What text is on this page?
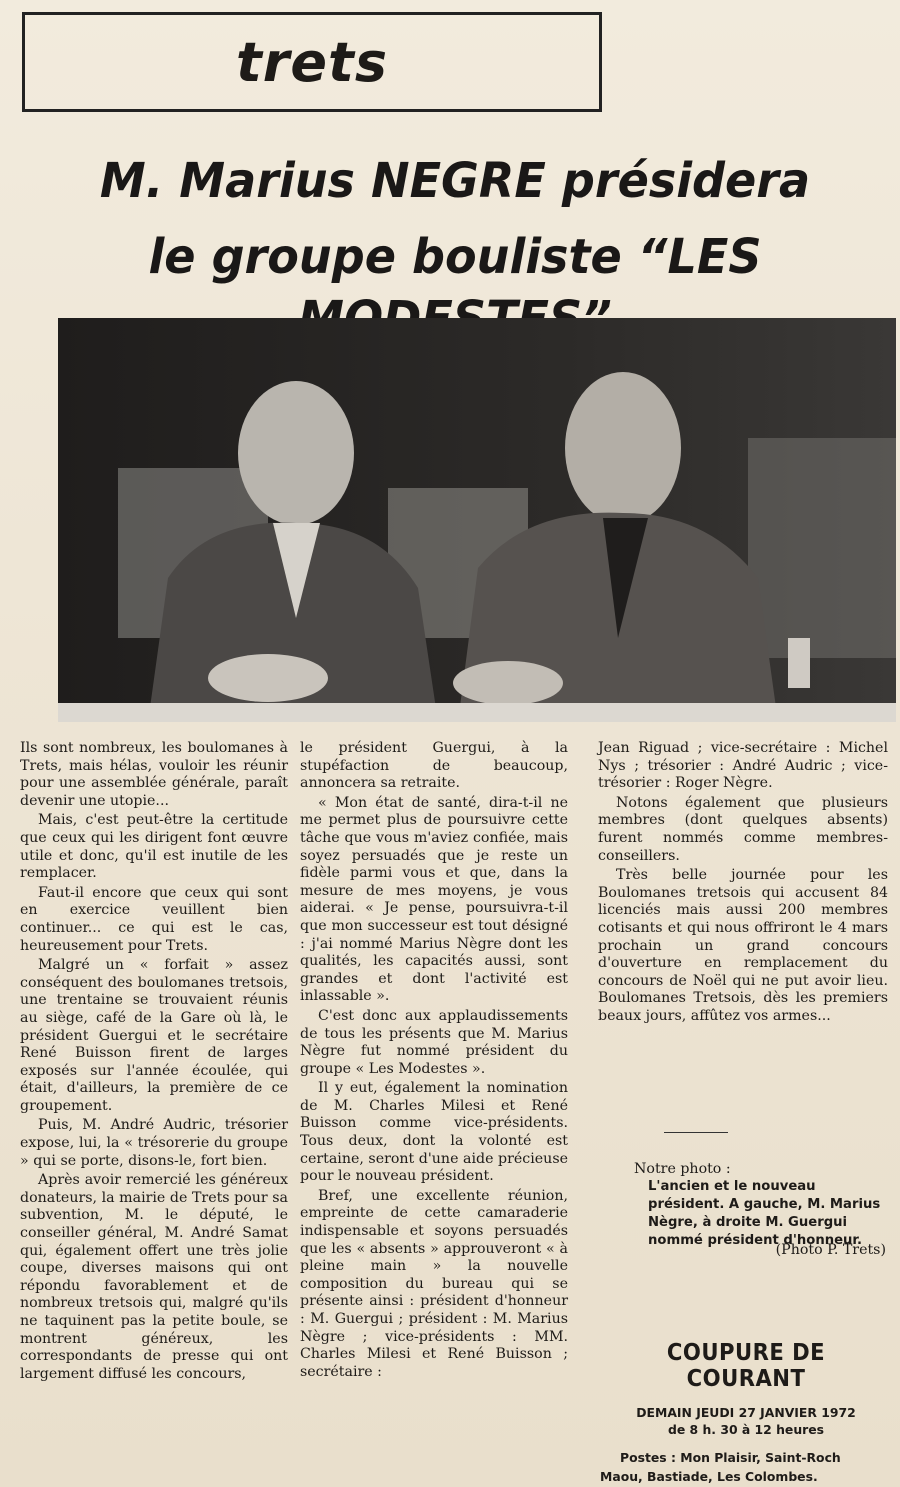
trets
M. Marius NEGRE présidera
le groupe bouliste “LES

Ils sont nombreux, les boulomanes à Trets, mais hélas, vouloir les réunir pour une assemblée générale, paraît devenir une utopie...

Mais, c'est peut-être la certitude que ceux qui les dirigent font œuvre utile et donc, qu'il est inutile de les remplacer.

Faut-il encore que ceux qui sont en exercice veuillent bien continuer... ce qui est le cas, heureusement pour Trets.

Malgré un « forfait » assez conséquent des boulomanes tretsois, une trentaine se trouvaient réunis au siège, café de la Gare où là, le président Guergui et le secrétaire René Buisson firent de larges exposés sur l'année écoulée, qui était, d'ailleurs, la première de ce groupement.

Puis, M. André Audric, trésorier expose, lui, la « trésorerie du groupe » qui se porte, disons-le, fort bien.

Après avoir remercié les généreux donateurs, la mairie de Trets pour sa subvention, M. le député, le conseiller général, M. André Samat qui, également offert une très jolie coupe, diverses maisons qui ont répondu favorablement et de nombreux tretsois qui, malgré qu'ils ne taquinent pas la petite boule, se montrent généreux, les correspondants de presse qui ont largement diffusé les concours,

le président Guergui, à la stupéfaction de beaucoup, annoncera sa retraite.

« Mon état de santé, dira-t-il ne me permet plus de poursuivre cette tâche que vous m'aviez confiée, mais soyez persuadés que je reste un fidèle parmi vous et que, dans la mesure de mes moyens, je vous aiderai. « Je pense, poursuivra-t-il que mon successeur est tout désigné : j'ai nommé Marius Nègre dont les qualités, les capacités aussi, sont grandes et dont l'activité est inlassable ».

C'est donc aux applaudissements de tous les présents que M. Marius Nègre fut nommé président du groupe « Les Modestes ».

Il y eut, également la nomination de M. Charles Milesi et René Buisson comme vice-présidents. Tous deux, dont la volonté est certaine, seront d'une aide précieuse pour le nouveau président.

Bref, une excellente réunion, empreinte de cette camaraderie indispensable et soyons persuadés que les « absents » approuveront « à pleine main » la nouvelle composition du bureau qui se présente ainsi : président d'honneur : M. Guergui ; président : M. Marius Nègre ; vice-présidents : MM. Charles Milesi et René Buisson ; secrétaire :

Jean Riguad ; vice-secrétaire : Michel Nys ; trésorier : André Audric ; vice-trésorier : Roger Nègre.

Notons également que plusieurs membres (dont quelques absents) furent nommés comme membres-conseillers.

Très belle journée pour les Boulomanes tretsois qui accusent 84 licenciés mais aussi 200 membres cotisants et qui nous offriront le 4 mars prochain un grand concours d'ouverture en remplacement du concours de Noël qui ne put avoir lieu. Boulomanes Tretsois, dès les premiers beaux jours, affûtez vos armes...

Notre photo :
L'ancien et le nouveau président. A gauche, M. Marius Nègre, à droite M. Guergui nommé président d'honneur.
(Photo P. Trets)
COUPURE DE COURANT
DEMAIN JEUDI 27 JANVIER 1972
de 8 h. 30 à 12 heures
Postes : Mon Plaisir, Saint-Roch
Maou, Bastiade, Les Colombes.
